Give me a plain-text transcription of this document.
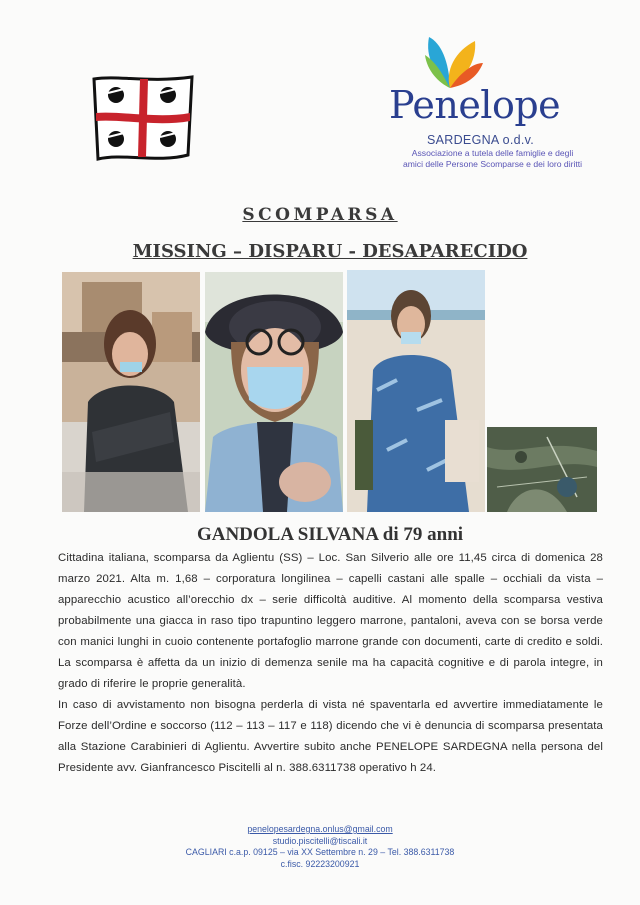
Penelope
SARDEGNA o.d.v.
Associazione a tutela delle famiglie e degli
amici delle Persone Scomparse e dei loro diritti
SCOMPARSA
MISSING – DISPARU - DESAPARECIDO
GANDOLA SILVANA di 79 anni

Cittadina italiana, scomparsa da Aglientu (SS) – Loc. San Silverio alle ore 11,45 circa di domenica 28 marzo 2021. Alta m. 1,68 – corporatura longilinea – capelli castani alle spalle – occhiali da vista – apparecchio acustico all’orecchio dx – serie difficoltà auditive. Al momento della scomparsa vestiva probabilmente una giacca in raso tipo trapuntino leggero marrone, pantaloni, aveva con se borsa verde con manici lunghi in cuoio contenente portafoglio marrone grande con documenti, carte di credito e soldi. La scomparsa è affetta da un inizio di demenza senile ma ha capacità cognitive e di parola integre, in grado di riferire le proprie generalità.

In caso di avvistamento non bisogna perderla di vista né spaventarla ed avvertire immediatamente le Forze dell’Ordine e soccorso (112 – 113 – 117 e 118) dicendo che vi è denuncia di scomparsa presentata alla Stazione Carabinieri di Aglientu. Avvertire subito anche PENELOPE SARDEGNA nella persona del Presidente avv. Gianfrancesco Piscitelli al n. 388.6311738 operativo h 24.

penelopesardegna.onlus@gmail.com
studio.piscitelli@tiscali.it
CAGLIARI c.a.p. 09125 – via XX Settembre n. 29 – Tel. 388.6311738
c.fisc. 92223200921
